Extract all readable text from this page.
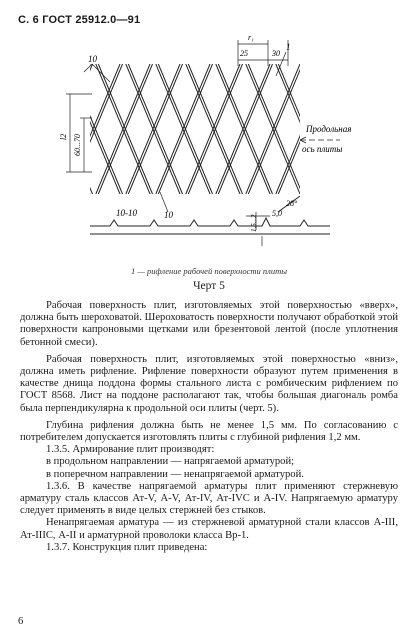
С. 6 ГОСТ 25912.0—91
10
1
r₁
25	30
l2 60...70
Продольная
ось плиты
10-10	10	1,5...2
5,0
28°
1 — рифление рабочей поверхности плиты
Черт 5

Рабочая поверхность плит, изготовляемых этой поверхностью «вверх», должна быть шероховатой. Шероховатость поверхности получают обработкой этой поверхности капроновыми щетками или брезентовой лентой (после уплотнения бетонной смеси).

Рабочая поверхность плит, изготовляемых этой поверхностью «вниз», должна иметь рифление. Рифление поверхности образуют путем применения в качестве днища поддона формы стального листа с ромбическим рифлением по ГОСТ 8568. Лист на поддоне располагают так, чтобы большая диагональ ромба была перпендикулярна к продольной оси плиты (черт. 5).

Глубина рифления должна быть не менее 1,5 мм. По согласованию с потребителем допускается изготовлять плиты с глубиной рифления 1,2 мм.

1.3.5. Армирование плит производят:

в продольном направлении — напрягаемой арматурой;

в поперечном направлении — ненапрягаемой арматурой.

1.3.6. В качестве напрягаемой арматуры плит применяют стержневую арматуру сталь классов Ат-V, А-V, Ат-IV, Ат-IVС и А-IV. Напрягаемую арматуру следует применять в виде целых стержней без стыков.

Ненапрягаемая арматура — из стержневой арматурной стали классов А-III, Ат-IIIС, А-II и арматурной проволоки класса Вр-1.

1.3.7. Конструкция плит приведена:

6
